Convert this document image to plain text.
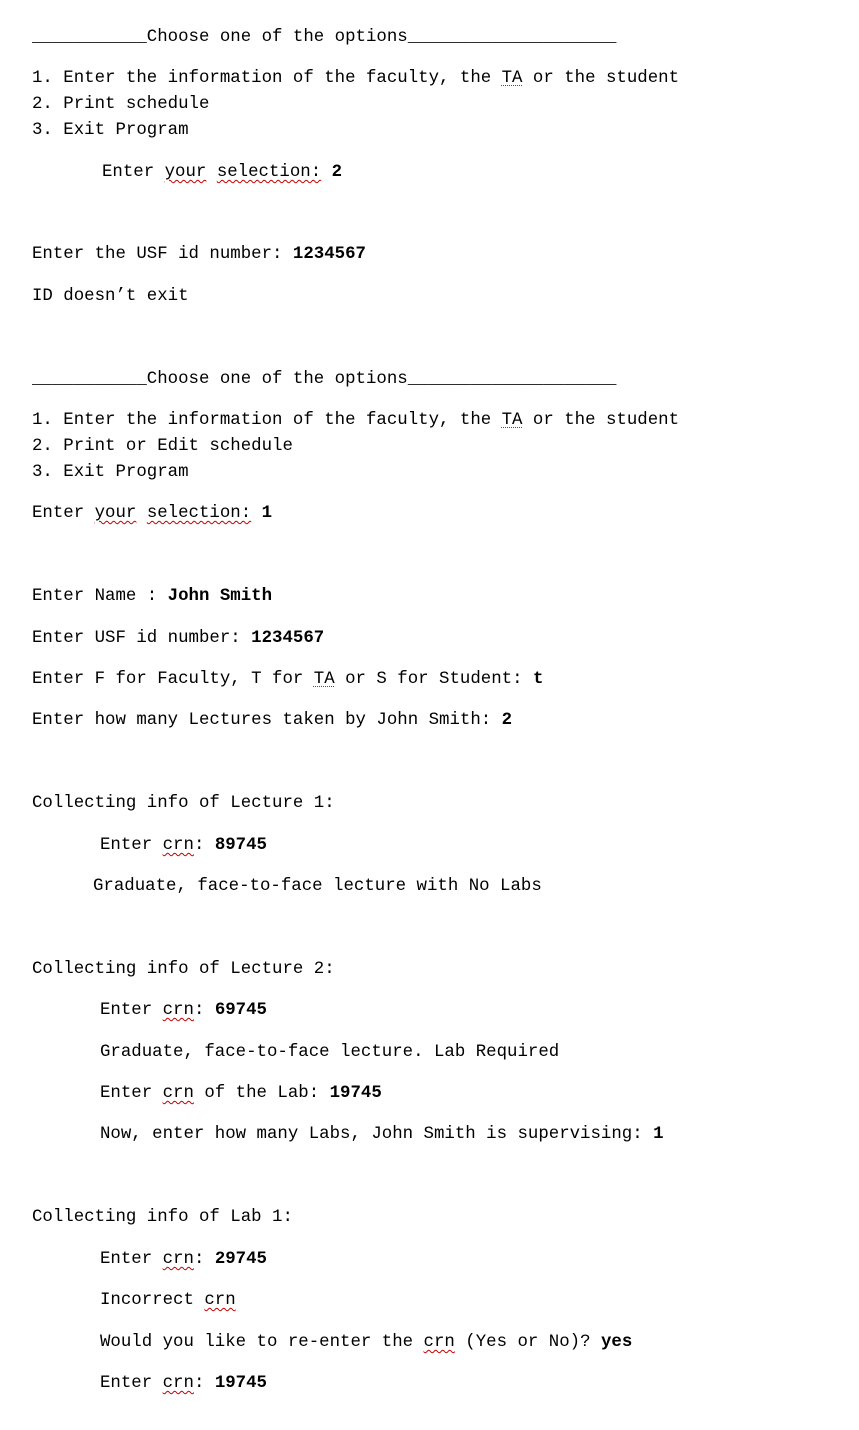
___________Choose one of the options____________________
1. Enter the information of the faculty, the TA or the student
2. Print schedule
3. Exit Program
Enter your selection: 2
Enter the USF id number: 1234567
ID doesn’t exit
___________Choose one of the options____________________
1. Enter the information of the faculty, the TA or the student
2. Print or Edit schedule
3. Exit Program
Enter your selection: 1
Enter Name : John Smith
Enter USF id number: 1234567
Enter F for Faculty, T for TA or S for Student: t
Enter how many Lectures taken by John Smith: 2
Collecting info of Lecture 1:
Enter crn: 89745
Graduate, face-to-face lecture with No Labs
Collecting info of Lecture 2:
Enter crn: 69745
Graduate, face-to-face lecture. Lab Required
Enter crn of the Lab: 19745
Now, enter how many Labs, John Smith is supervising: 1
Collecting info of Lab 1:
Enter crn: 29745
Incorrect crn
Would you like to re-enter the crn (Yes or No)? yes
Enter crn: 19745
